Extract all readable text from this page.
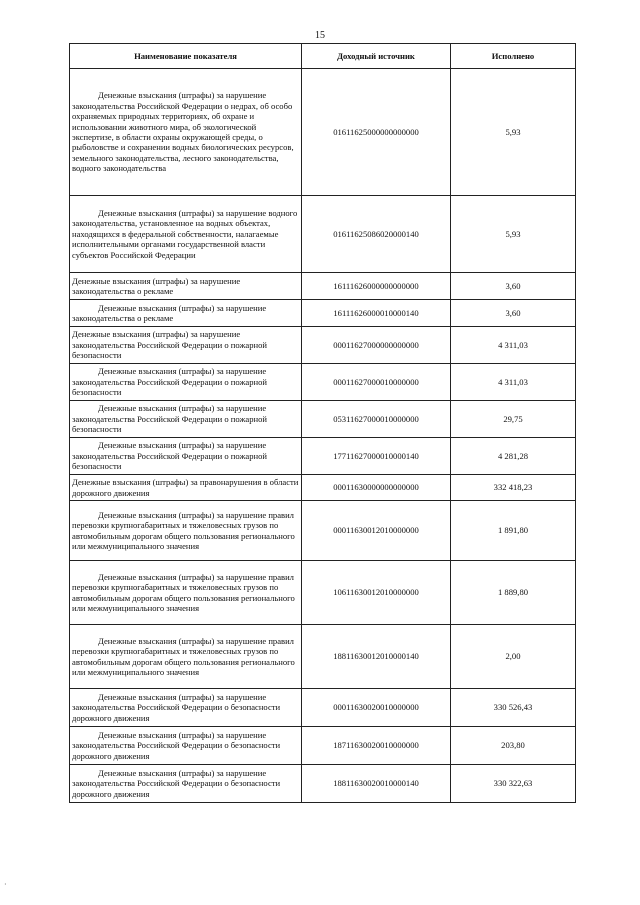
15
Наименование показателя	Доходный источник	Исполнено
Денежные взыскания (штрафы) за нарушение законодательства Российской Федерации о недрах, об особо охраняемых природных территориях, об охране и использовании животного мира, об экологической экспертизе, в области охраны окружающей среды, о рыболовстве и сохранении водных биологических ресурсов, земельного законодательства, лесного законодательства, водного законодательства	01611625000000000000	5,93
Денежные взыскания (штрафы) за нарушение водного законодательства, установленное на водных объектах, находящихся в федеральной собственности, налагаемые исполнительными органами государственной власти субъектов Российской Федерации	01611625086020000140	5,93
Денежные взыскания (штрафы) за нарушение законодательства о рекламе	16111626000000000000	3,60
Денежные взыскания (штрафы) за нарушение законодательства о рекламе	16111626000010000140	3,60
Денежные взыскания (штрафы) за нарушение законодательства Российской Федерации о пожарной безопасности	00011627000000000000	4 311,03
Денежные взыскания (штрафы) за нарушение законодательства Российской Федерации о пожарной безопасности	00011627000010000000	4 311,03
Денежные взыскания (штрафы) за нарушение законодательства Российской Федерации о пожарной безопасности	05311627000010000000	29,75
Денежные взыскания (штрафы) за нарушение законодательства Российской Федерации о пожарной безопасности	17711627000010000140	4 281,28
Денежные взыскания (штрафы) за правонарушения в области дорожного движения	00011630000000000000	332 418,23
Денежные взыскания (штрафы) за нарушение правил перевозки крупногабаритных и тяжеловесных грузов по автомобильным дорогам общего пользования регионального или межмуниципального значения	00011630012010000000	1 891,80
Денежные взыскания (штрафы) за нарушение правил перевозки крупногабаритных и тяжеловесных грузов по автомобильным дорогам общего пользования регионального или межмуниципального значения	10611630012010000000	1 889,80
Денежные взыскания (штрафы) за нарушение правил перевозки крупногабаритных и тяжеловесных грузов по автомобильным дорогам общего пользования регионального или межмуниципального значения	18811630012010000140	2,00
Денежные взыскания (штрафы) за нарушение законодательства Российской Федерации о безопасности дорожного движения	00011630020010000000	330 526,43
Денежные взыскания (штрафы) за нарушение законодательства Российской Федерации о безопасности дорожного движения	18711630020010000000	203,80
Денежные взыскания (штрафы) за нарушение законодательства Российской Федерации о безопасности дорожного движения	18811630020010000140	330 322,63
·
